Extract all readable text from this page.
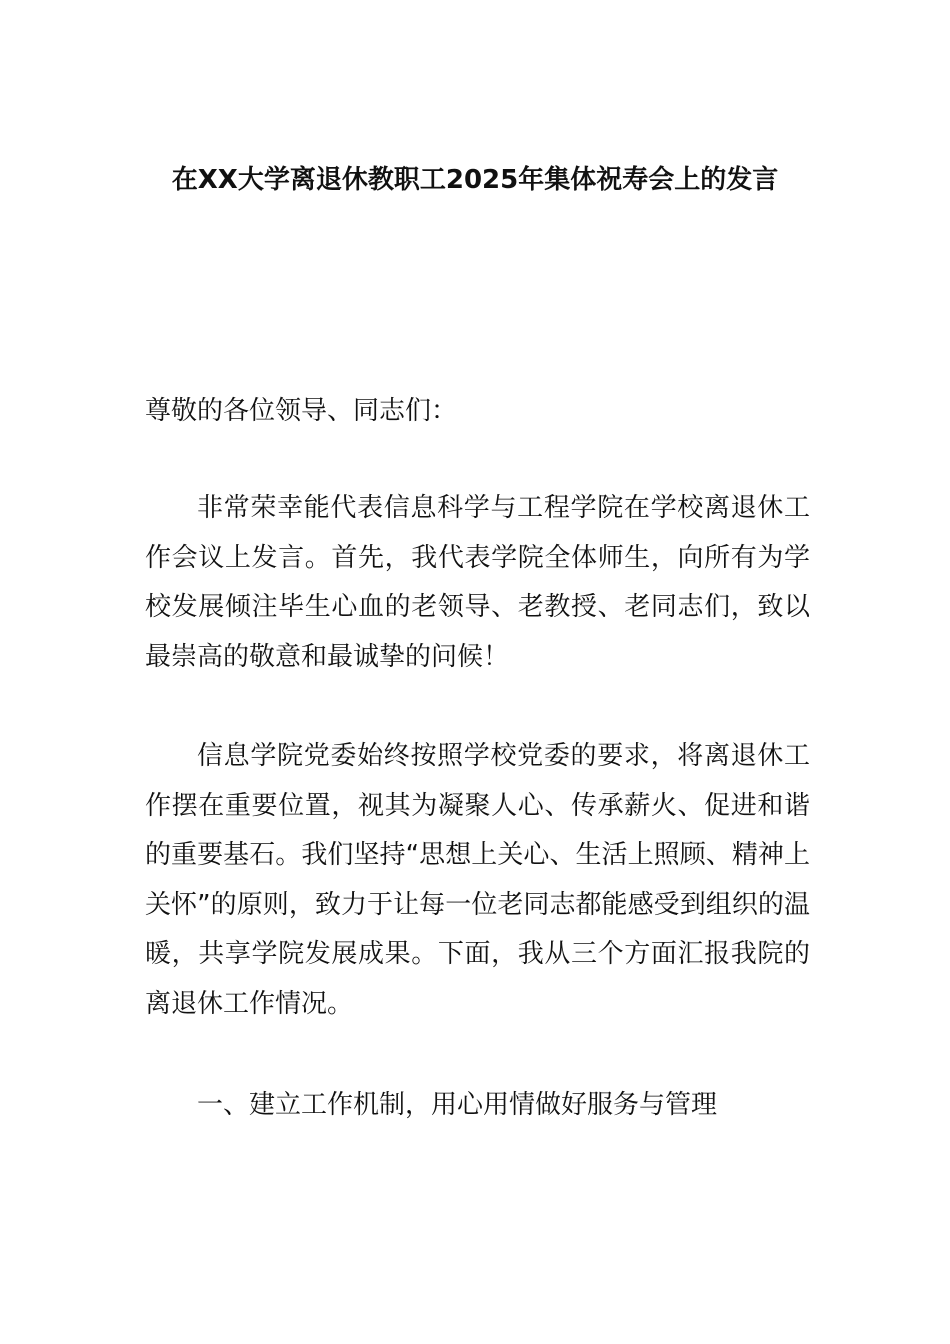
在XX大学离退休教职工2025年集体祝寿会上的发言

尊敬的各位领导、同志们：

非常荣幸能代表信息科学与工程学院在学校离退休工作会议上发言。首先，我代表学院全体师生，向所有为学校发展倾注毕生心血的老领导、老教授、老同志们，致以最崇高的敬意和最诚挚的问候！

信息学院党委始终按照学校党委的要求，将离退休工作摆在重要位置，视其为凝聚人心、传承薪火、促进和谐的重要基石。我们坚持“思想上关心、生活上照顾、精神上关怀”的原则，致力于让每一位老同志都能感受到组织的温暖，共享学院发展成果。下面，我从三个方面汇报我院的离退休工作情况。

一、建立工作机制，用心用情做好服务与管理
